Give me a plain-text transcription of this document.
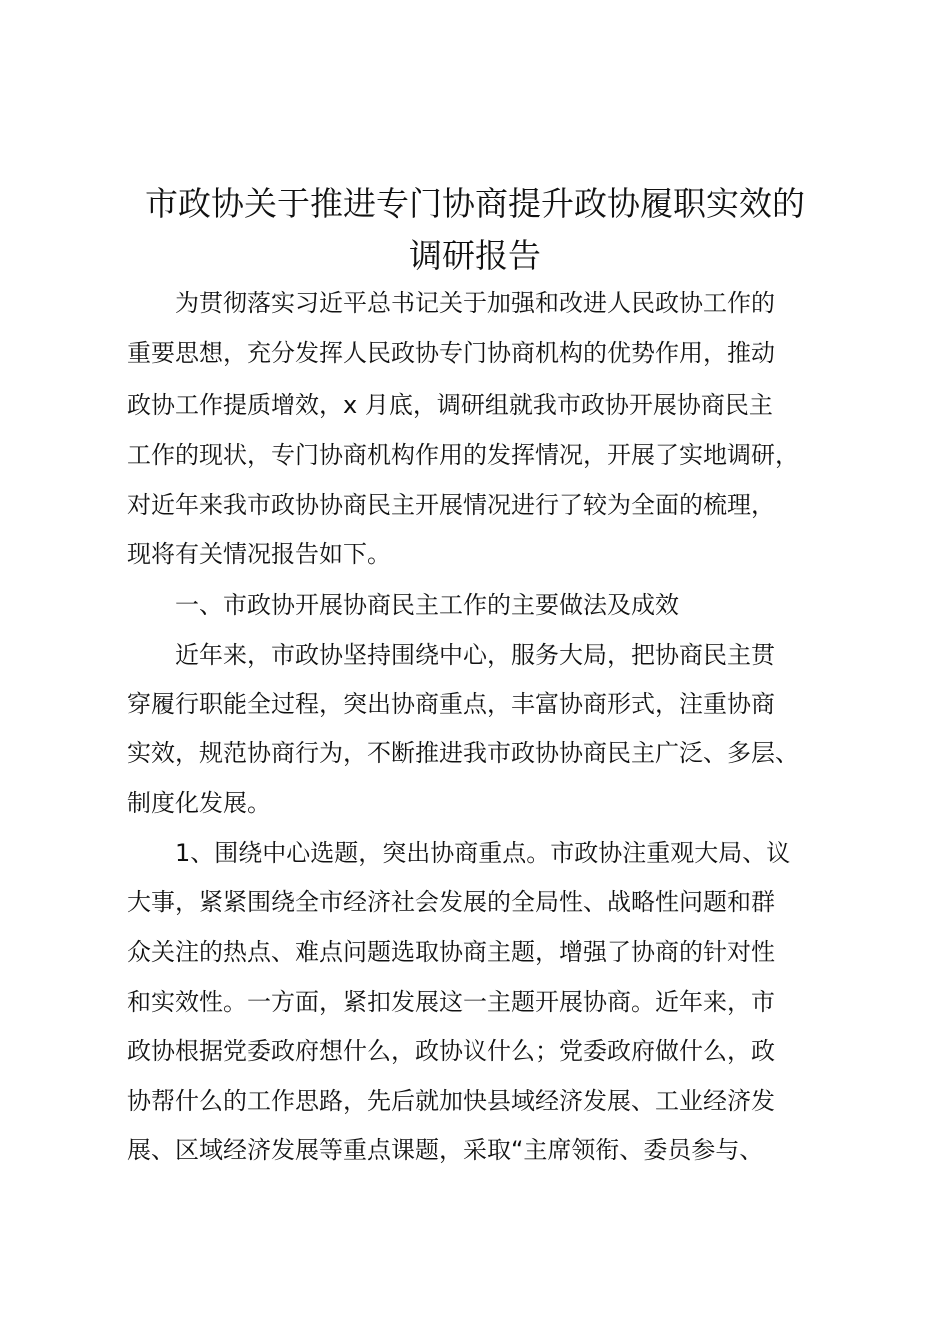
市政协关于推进专门协商提升政协履职实效的
调研报告
为贯彻落实习近平总书记关于加强和改进人民政协工作的
重要思想，充分发挥人民政协专门协商机构的优势作用，推动
政协工作提质增效，x 月底，调研组就我市政协开展协商民主
工作的现状，专门协商机构作用的发挥情况，开展了实地调研，
对近年来我市政协协商民主开展情况进行了较为全面的梳理，
现将有关情况报告如下。
一、市政协开展协商民主工作的主要做法及成效
近年来，市政协坚持围绕中心，服务大局，把协商民主贯
穿履行职能全过程，突出协商重点，丰富协商形式，注重协商
实效，规范协商行为，不断推进我市政协协商民主广泛、多层、
制度化发展。
1、围绕中心选题，突出协商重点。市政协注重观大局、议
大事，紧紧围绕全市经济社会发展的全局性、战略性问题和群
众关注的热点、难点问题选取协商主题，增强了协商的针对性
和实效性。一方面，紧扣发展这一主题开展协商。近年来，市
政协根据党委政府想什么，政协议什么；党委政府做什么，政
协帮什么的工作思路，先后就加快县域经济发展、工业经济发
展、区域经济发展等重点课题，采取“主席领衔、委员参与、
